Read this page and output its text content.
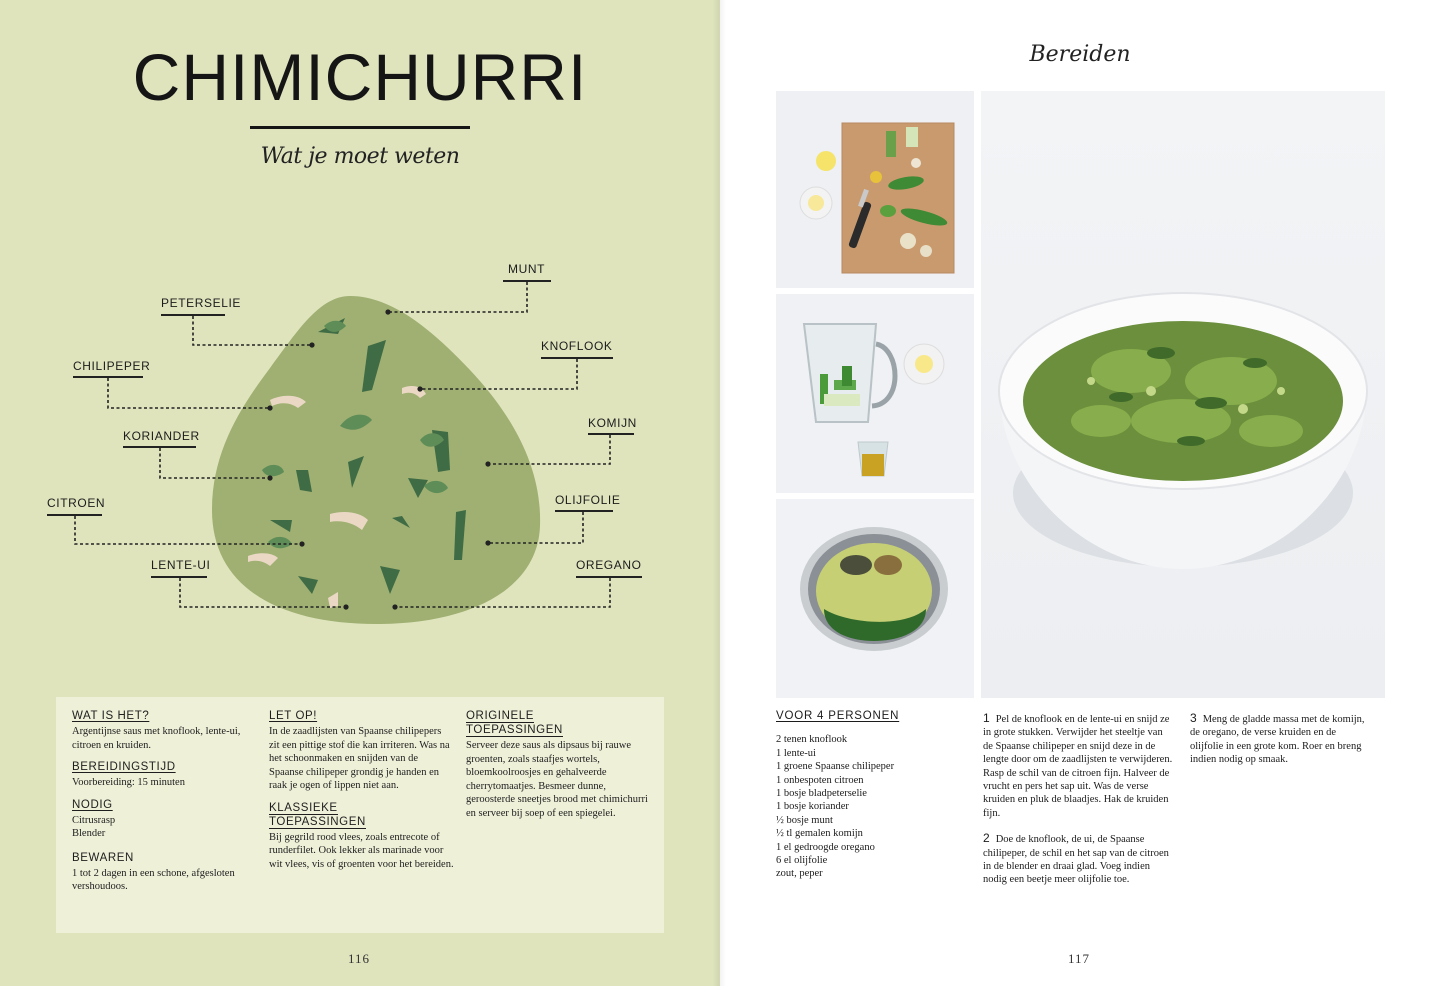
CHIMICHURRI
Wat je moet weten
MUNT
PETERSELIE
KNOFLOOK
CHILIPEPER
KOMIJN
KORIANDER
OLIJFOLIE
CITROEN
LENTE-UI	OREGANO
WAT IS HET?

Argentijnse saus met knoflook, lente-ui, citroen en kruiden.

BEREIDINGSTIJD

Voorbereiding: 15 minuten

NODIG

Citrusrasp

Blender

BEWAREN

1 tot 2 dagen in een schone, afgesloten vershoudoos.

LET OP!

In de zaadlijsten van Spaanse chilipepers zit een pittige stof die kan irriteren. Was na het schoonmaken en snijden van de Spaanse chilipeper grondig je handen en raak je ogen of lippen niet aan.

KLASSIEKE
TOEPASSINGEN

Bij gegrild rood vlees, zoals entrecote of runderfilet. Ook lekker als marinade voor wit vlees, vis of groenten voor het bereiden.

ORIGINELE
TOEPASSINGEN

Serveer deze saus als dipsaus bij rauwe groenten, zoals staafjes wortels, bloemkoolroosjes en gehalveerde cherrytomaatjes. Besmeer dunne, geroosterde sneetjes brood met chimichurri en serveer bij soep of een spiegelei.

116
Bereiden
VOOR 4 PERSONEN
2 tenen knoflook
1 lente-ui
1 groene Spaanse chilipeper
1 onbespoten citroen
1 bosje bladpeterselie
1 bosje koriander
½ bosje munt
½ tl gemalen komijn
1 el gedroogde oregano
6 el olijfolie
zout, peper

1 Pel de knoflook en de lente-ui en snijd ze in grote stukken. Verwijder het steeltje van de Spaanse chilipeper en snijd deze in de lengte door om de zaadlijsten te verwijderen. Rasp de schil van de citroen fijn. Halveer de vrucht en pers het sap uit. Was de verse kruiden en pluk de blaadjes. Hak de kruiden fijn.

2 Doe de knoflook, de ui, de Spaanse chilipeper, de schil en het sap van de citroen in de blender en draai glad. Voeg indien nodig een beetje meer olijfolie toe.

3 Meng de gladde massa met de komijn, de oregano, de verse kruiden en de olijfolie in een grote kom. Roer en breng indien nodig op smaak.

117
